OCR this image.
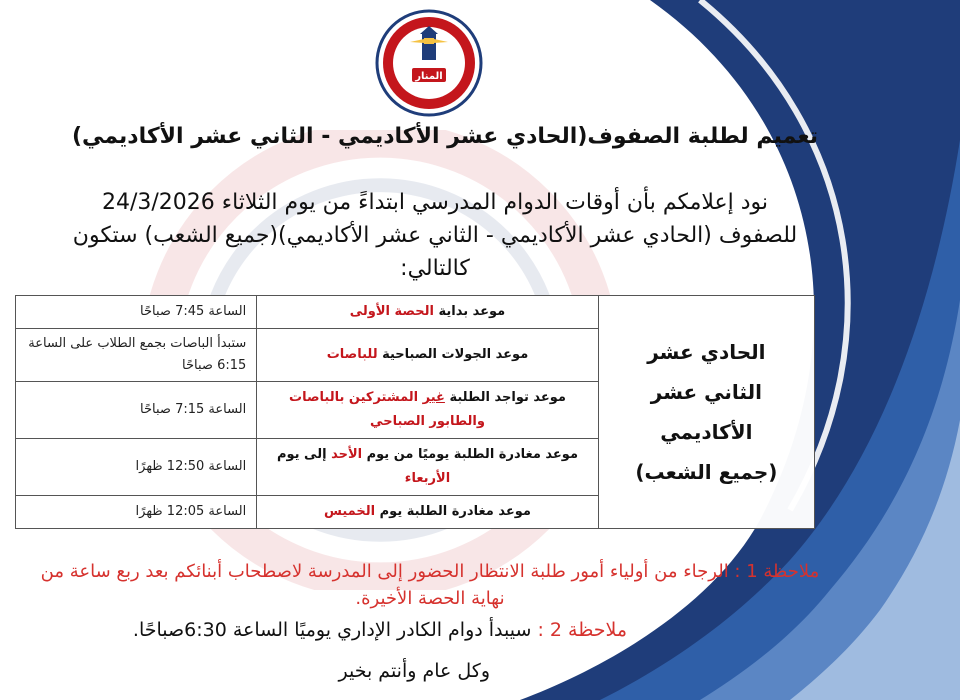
المنار
تعميم لطلبة الصفوف(الحادي عشر الأكاديمي - الثاني عشر الأكاديمي)
نود إعلامكم بأن أوقات الدوام المدرسي ابتداءً من يوم الثلاثاء 24/3/2026
للصفوف (الحادي عشر الأكاديمي - الثاني عشر الأكاديمي)(جميع الشعب) ستكون
كالتالي:
الحادي عشر
الثاني عشر
الأكاديمي
(جميع الشعب)	موعد بداية الحصة الأولى	الساعة 7:45 صباحًا
	موعد الجولات الصباحية للباصات	ستبدأ الباصات بجمع الطلاب على الساعة 6:15 صباحًا
	موعد تواجد الطلبة غير المشتركين بالباصات والطابور الصباحي	الساعة 7:15 صباحًا
	موعد مغادرة الطلبة يوميًا من يوم الأحد إلى يوم الأربعاء	الساعة 12:50 ظهرًا
	موعد مغادرة الطلبة يوم الخميس	الساعة 12:05 ظهرًا
ملاحظة 1 : الرجاء من أولياء أمور طلبة الانتظار الحضور إلى المدرسة لاصطحاب أبنائكم بعد ربع ساعة من نهاية الحصة الأخيرة.
ملاحظة 2 : سيبدأ دوام الكادر الإداري يوميًا الساعة 6:30صباحًا.
وكل عام وأنتم بخير
